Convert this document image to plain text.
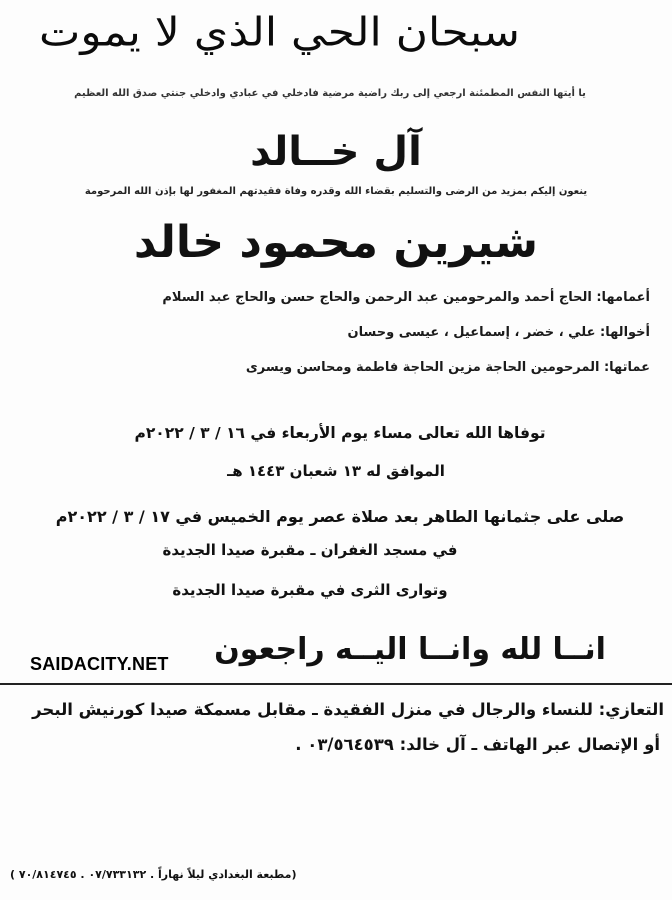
سبحان الحي الذي لا يموت
يا أيتها النفس المطمئنة ارجعي إلى ربك راضية مرضية فادخلي في عبادي وادخلي جنتي صدق الله العظيم
آل خــالد
ينعون إليكم بمزيد من الرضى والتسليم بقضاء الله وقدره وفاة فقيدتهم المغفور لها بإذن الله المرحومة
شيرين محمود خالد
أعمامها: الحاج أحمد والمرحومين عبد الرحمن والحاج حسن والحاج عبد السلام
أخوالها: علي ، خضر ، إسماعيل ، عيسى وحسان
عماتها: المرحومين الحاجة مزين الحاجة فاطمة ومحاسن ويسرى
توفاها الله تعالى مساء يوم الأربعاء في ١٦ / ٣ / ٢٠٢٢م
الموافق له ١٣ شعبان ١٤٤٣ هـ
صلى على جثمانها الطاهر بعد صلاة عصر يوم الخميس في ١٧ / ٣ / ٢٠٢٢م
في مسجد الغفران ـ مقبرة صيدا الجديدة
وتوارى الثرى في مقبرة صيدا الجديدة
انــا لله وانــا اليــه راجعون
SAIDACITY.NET
التعازي: للنساء والرجال في منزل الفقيدة ـ مقابل مسمكة صيدا كورنيش البحر
أو الإتصال عبر الهاتف ـ آل خالد: ٠٣/٥٦٤٥٣٩ .
(مطبعة البغدادي ليلاً نهاراً . ٠٧/٧٣٣١٣٢ . ٧٠/٨١٤٧٤٥ )
